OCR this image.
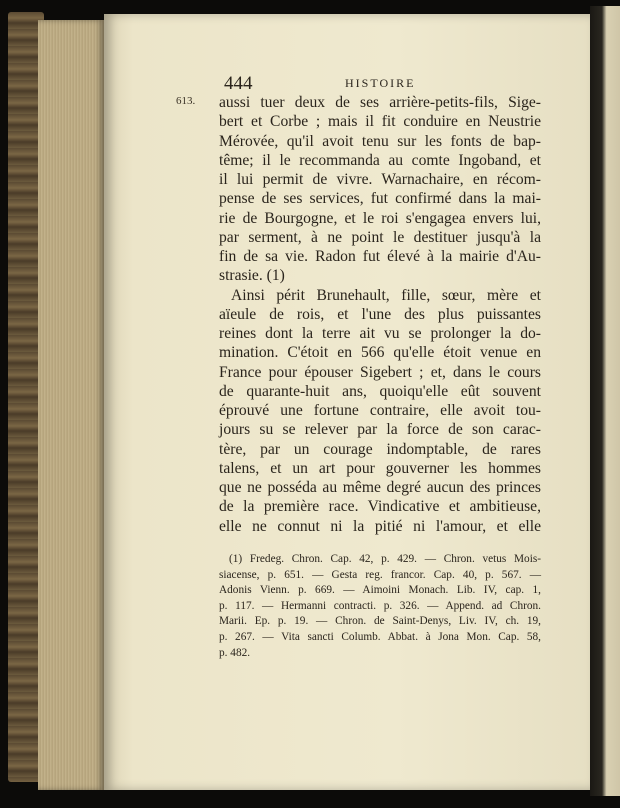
444	HISTOIRE
613. aussi tuer deux de ses arrière-petits-fils, Sige-
bert et Corbe ; mais il fit conduire en Neustrie
Mérovée, qu'il avoit tenu sur les fonts de bap-
tême; il le recommanda au comte Ingoband, et
il lui permit de vivre. Warnachaire, en récom-
pense de ses services, fut confirmé dans la mai-
rie de Bourgogne, et le roi s'engagea envers lui,
par serment, à ne point le destituer jusqu'à la
fin de sa vie. Radon fut élevé à la mairie d'Au-
strasie. (1)
Ainsi périt Brunehault, fille, sœur, mère et
aïeule de rois, et l'une des plus puissantes
reines dont la terre ait vu se prolonger la do-
mination. C'étoit en 566 qu'elle étoit venue en
France pour épouser Sigebert ; et, dans le cours
de quarante-huit ans, quoiqu'elle eût souvent
éprouvé une fortune contraire, elle avoit tou-
jours su se relever par la force de son carac-
tère, par un courage indomptable, de rares
talens, et un art pour gouverner les hommes
que ne posséda au même degré aucun des princes
de la première race. Vindicative et ambitieuse,
elle ne connut ni la pitié ni l'amour, et elle
(1) Fredeg. Chron. Cap. 42, p. 429. — Chron. vetus Mois-
siacense, p. 651. — Gesta reg. francor. Cap. 40, p. 567. —
Adonis Vienn. p. 669. — Aimoini Monach. Lib. IV, cap. 1,
p. 117. — Hermanni contracti. p. 326. — Append. ad Chron.
Marii. Ep. p. 19. — Chron. de Saint-Denys, Liv. IV, ch. 19,
p. 267. — Vita sancti Columb. Abbat. à Jona Mon. Cap. 58,
p. 482.
